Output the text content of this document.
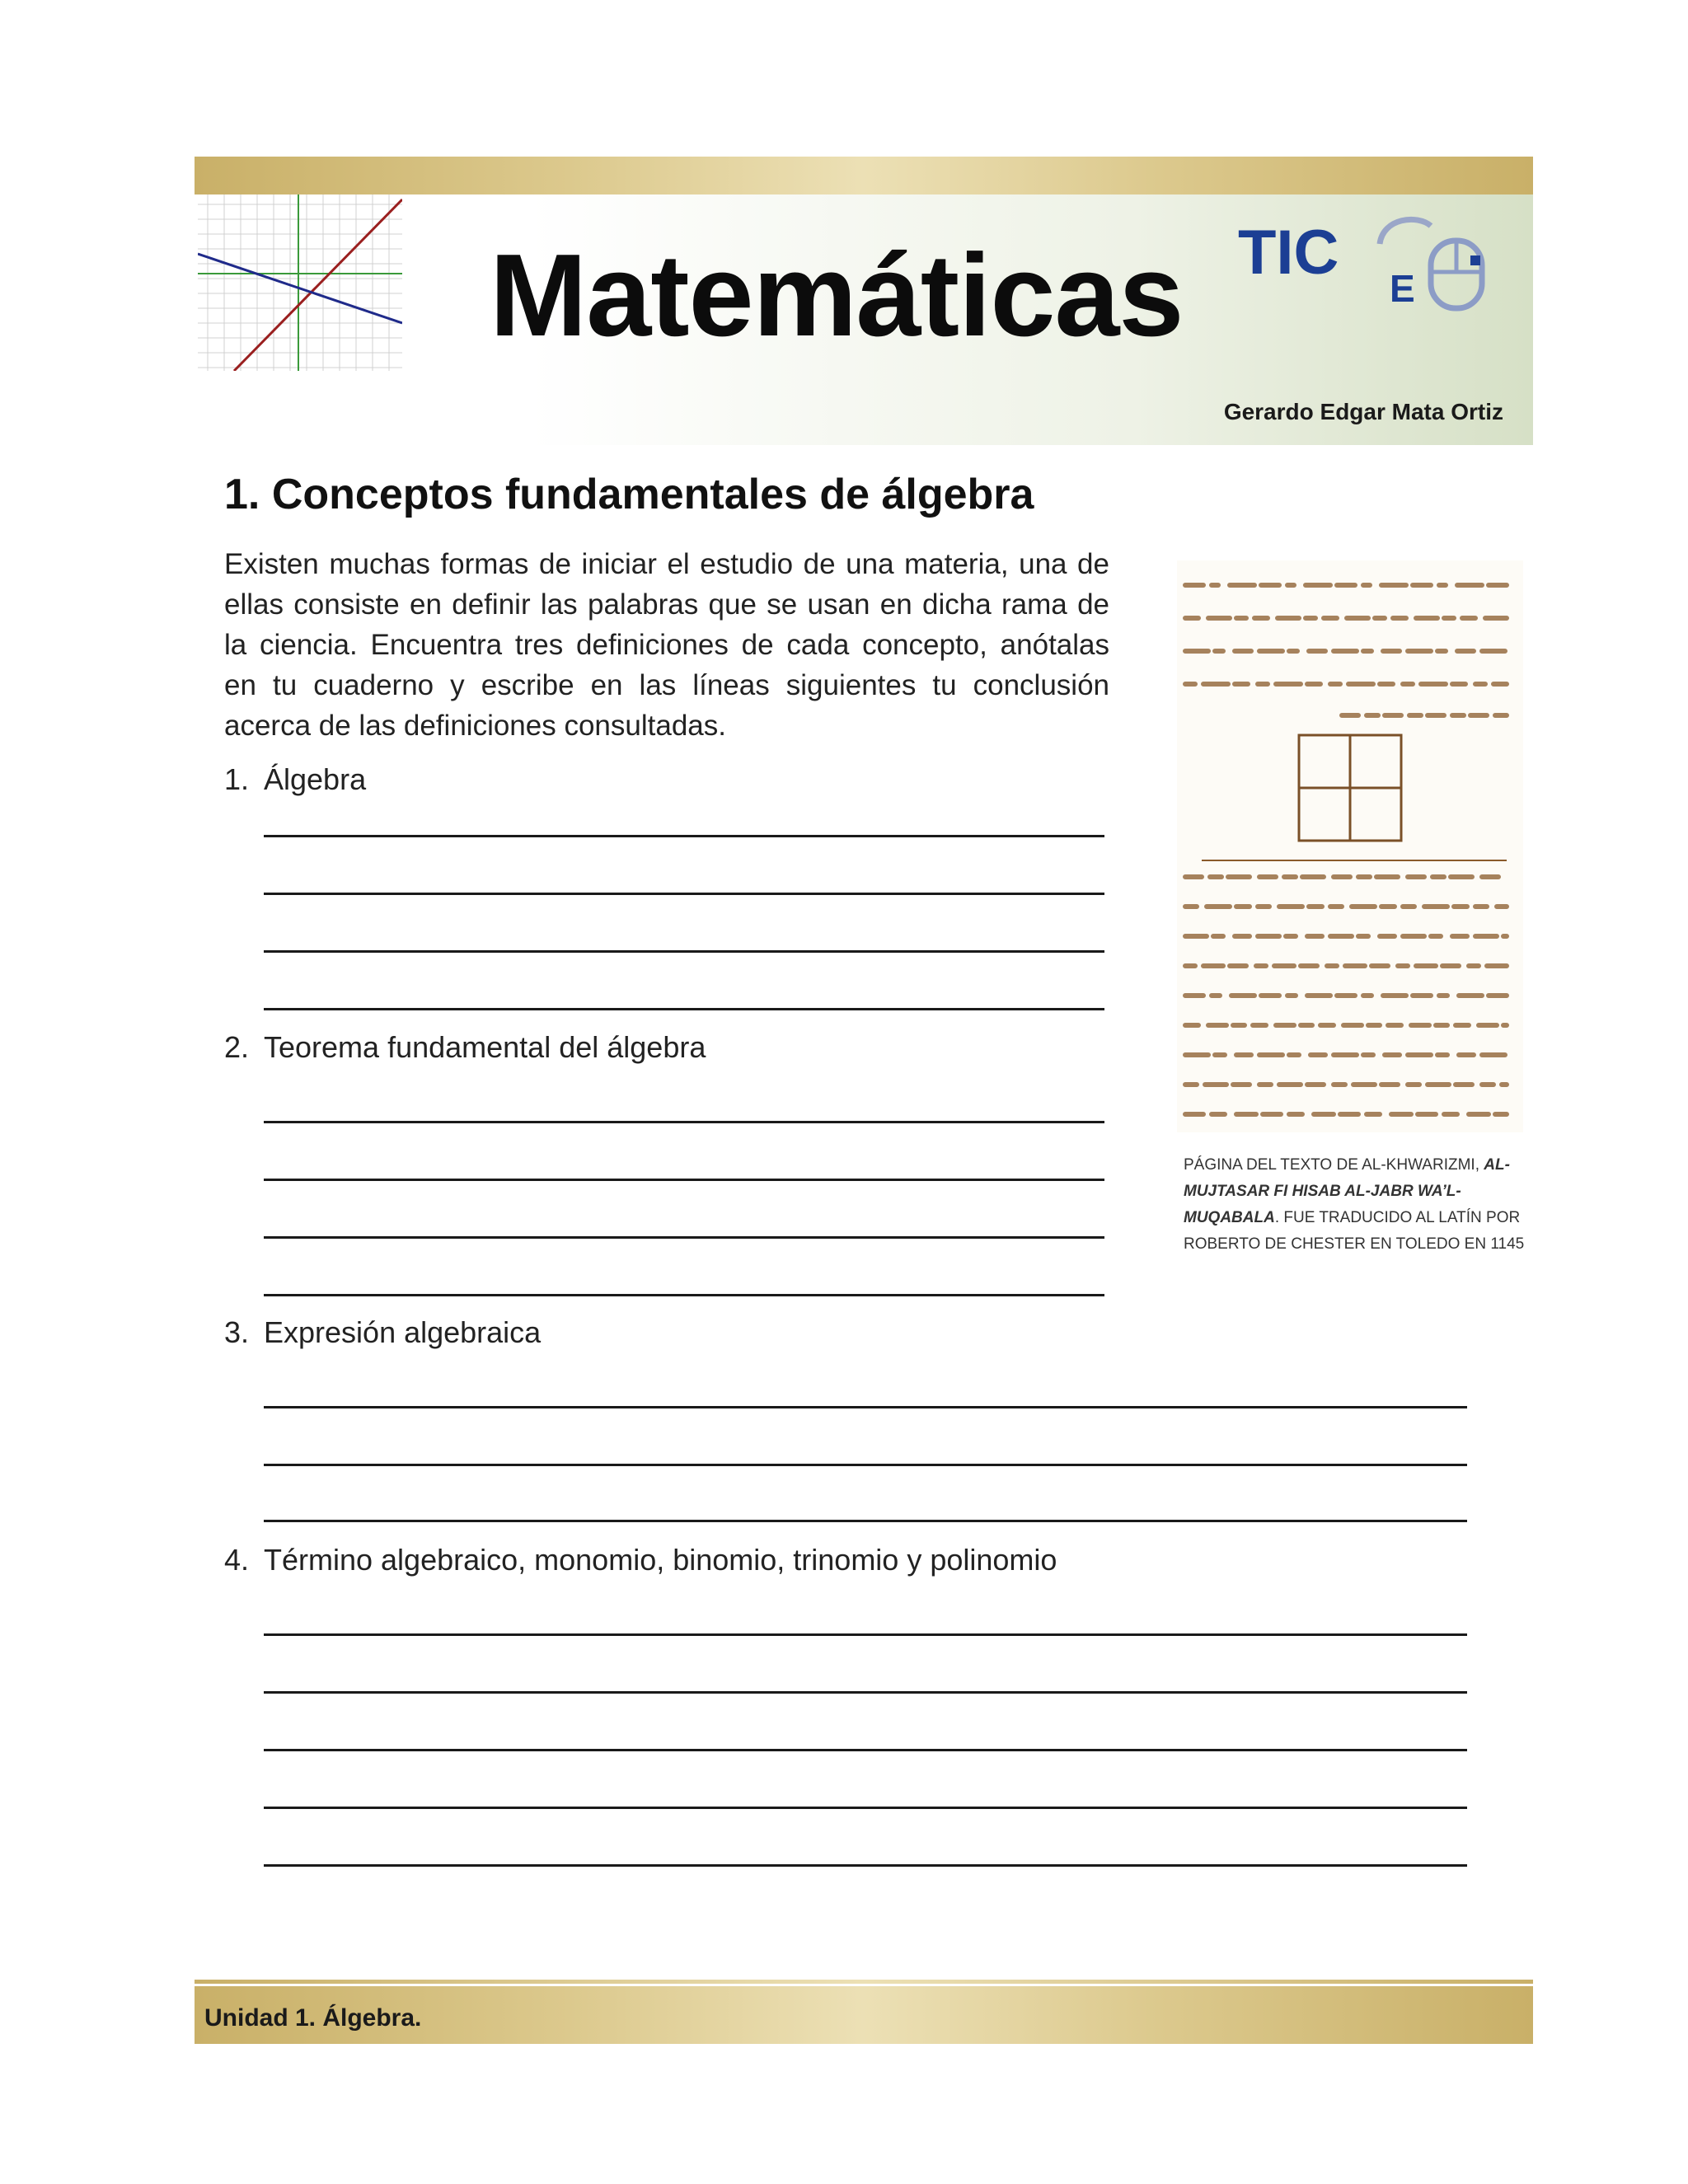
Matemáticas TIC
E
Gerardo Edgar Mata Ortiz
1. Conceptos fundamentales de álgebra
Existen muchas formas de iniciar el estudio de una materia, una de ellas consiste en definir las palabras que se usan en dicha rama de la ciencia. Encuentra tres definiciones de cada concepto, anótalas en tu cuaderno y escribe en las líneas siguientes tu conclusión acerca de las definiciones consultadas.
1. Álgebra
2. Teorema fundamental del álgebra
3. Expresión algebraica
4. Término algebraico, monomio, binomio, trinomio y polinomio
PÁGINA DEL TEXTO DE AL-KHWARIZMI, AL-MUJTASAR FI HISAB AL-JABR WA’L-MUQABALA. FUE TRADUCIDO AL LATÍN POR ROBERTO DE CHESTER EN TOLEDO EN 1145
Unidad 1. Álgebra.
